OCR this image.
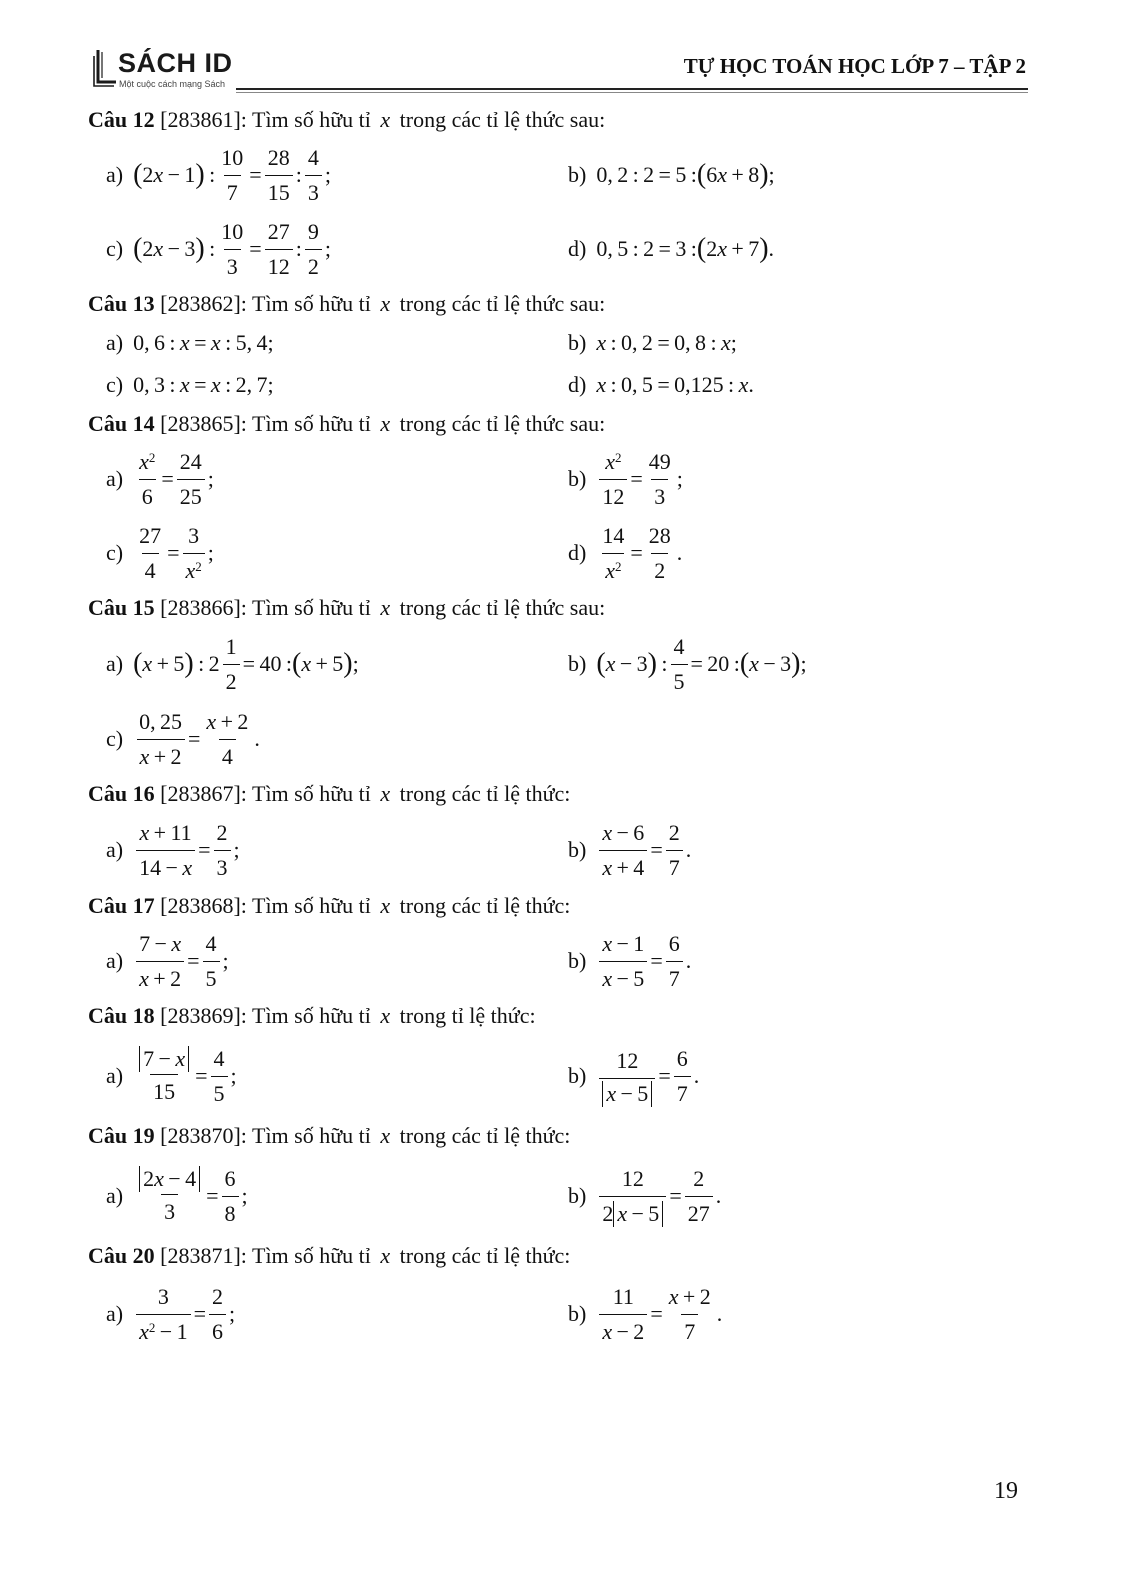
SÁCH ID
Một cuộc cách mạng Sách
TỰ HỌC TOÁN HỌC LỚP 7 – TẬP 2
Câu 12 [283861]: Tìm số hữu tỉ x trong các tỉ lệ thức sau:
a) ( 2 x  − 1 )  : $\frac{10}{7} = \frac{28}{15}$ : $\frac{4}{3}$ ;	b) 0, 2 : 2 = 5 : ( 6 x  + 8 ) ;
c) ( 2 x  − 3 )  : $\frac{10}{3} = \frac{27}{12}$ : $\frac{9}{2}$ ;	d) 0, 5 : 2 = 3 : ( 2 x  + 7 ) .
Câu 13 [283862]: Tìm số hữu tỉ x trong các tỉ lệ thức sau:
a) 0, 6 :  x  =  x  : 5, 4;	b) x  : 0, 2 = 0, 8 :  x ;
c) 0, 3 :  x  =  x  : 2, 7;	d) x  : 0, 5 = 0,125 :  x .
Câu 14 [283865]: Tìm số hữu tỉ x trong các tỉ lệ thức sau:
$a) \frac{x^2}{6} = \frac{24}{25}$ ;	$b) \frac{x^2}{12} = \frac{49}{3}$ ;
$c) \frac{27}{4} = \frac{3}{x^2}$ ;	$d) \frac{14}{x^2} = \frac{28}{2}$ .
Câu 15 [283866]: Tìm số hữu tỉ x trong các tỉ lệ thức sau:
a) ( x  + 5 )  : $2 \frac{1}{2} = 40$ : ( x  + 5 ) ;	b) ( x  − 3 )  : $\frac{4}{5} = 20$ : ( x  − 3 ) ;
$c) \frac{0, 25}{x + 2} = \frac{x + 2}{4}$ .
Câu 16 [283867]: Tìm số hữu tỉ x trong các tỉ lệ thức:
$a) \frac{x + 11}{14 - x} = \frac{2}{3}$ ;	$b) \frac{x - 6}{x + 4} = \frac{2}{7}$ .
Câu 17 [283868]: Tìm số hữu tỉ x trong các tỉ lệ thức:
$a) \frac{7 - x}{x + 2} = \frac{4}{5}$ ;	$b) \frac{x - 1}{x - 5} = \frac{6}{7}$ .
Câu 18 [283869]: Tìm số hữu tỉ x trong tỉ lệ thức:
$a) \frac{7 - x}{15} = \frac{4}{5}$ ;	$b) \frac{12}{x - 5} = \frac{6}{7}$ .
Câu 19 [283870]: Tìm số hữu tỉ x trong các tỉ lệ thức:
$a) \frac{2x - 4}{3} = \frac{6}{8}$ ;	$b) \frac{12}{2 x - 5} = \frac{2}{27}$ .
Câu 20 [283871]: Tìm số hữu tỉ x trong các tỉ lệ thức:
$a) \frac{3}{x^2 - 1} = \frac{2}{6}$ ;	$b) \frac{11}{x - 2} = \frac{x + 2}{7}$ .
19
